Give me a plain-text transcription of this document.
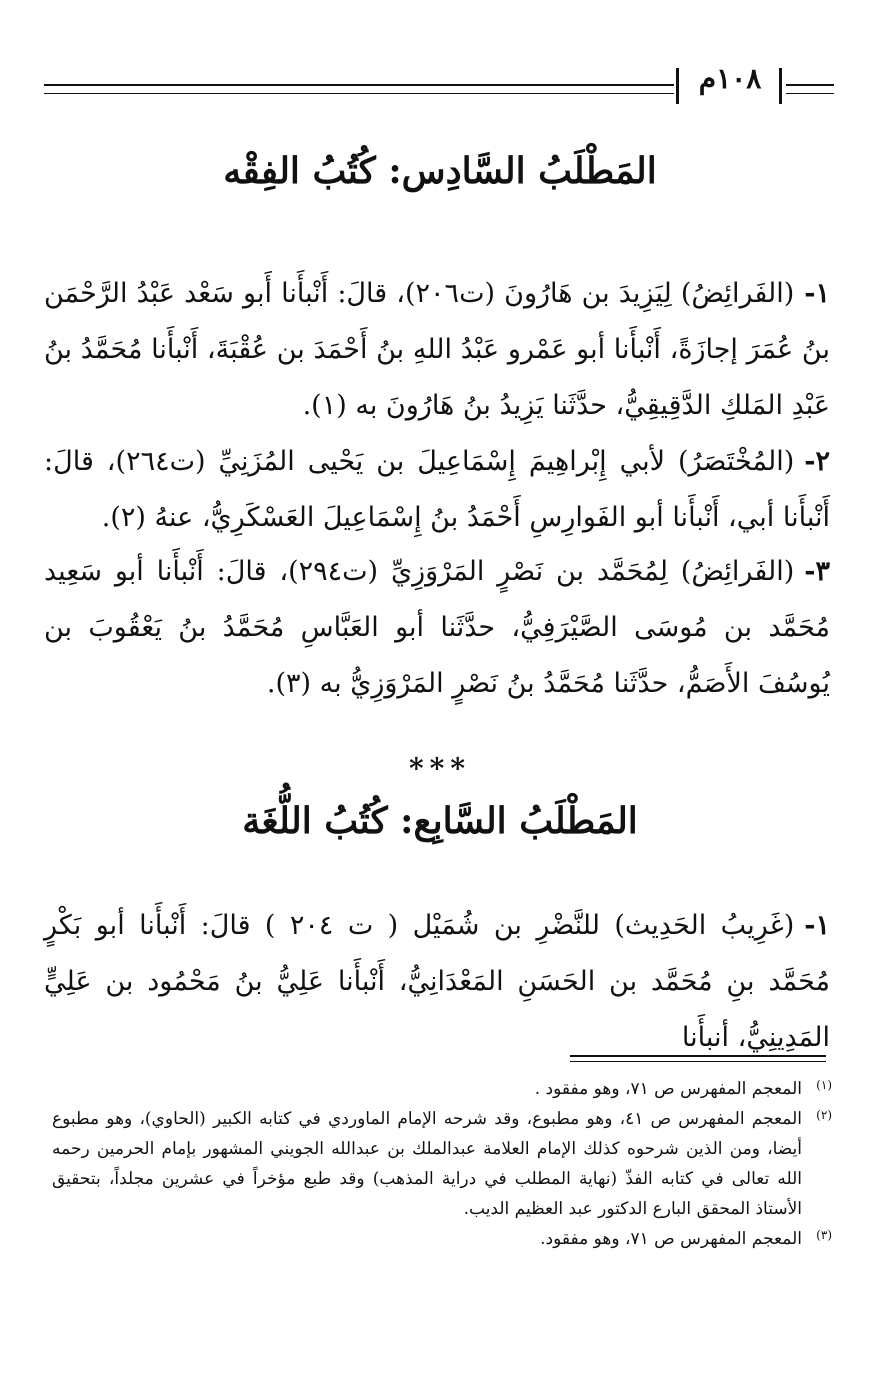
١٠٨م
المَطْلَبُ السَّادِس: كُتُبُ الفِقْه
١-(الفَرائِضُ) لِيَزِيدَ بن هَارُونَ (ت٢٠٦)، قالَ: أَنْبأَنا أَبو سَعْد عَبْدُ الرَّحْمَن بنُ عُمَرَ إجازَةً، أَنْبأَنا أبو عَمْرو عَبْدُ اللهِ بنُ أَحْمَدَ بن عُقْبَةَ، أَنْبأَنا مُحَمَّدُ بنُ عَبْدِ المَلكِ الدَّقِيقِيُّ، حدَّثَنا يَزِيدُ بنُ هَارُونَ به (١).
٢-(المُخْتَصَرُ) لأبي إِبْراهِيمَ إِسْمَاعِيلَ بن يَحْيى المُزَنِيِّ (ت٢٦٤)، قالَ: أَنْبأَنا أبي، أَنْبأَنا أبو الفَوارِسِ أَحْمَدُ بنُ إِسْمَاعِيلَ العَسْكَرِيُّ، عنهُ (٢).
٣-(الفَرائِضُ) لِمُحَمَّد بن نَصْرٍ المَرْوَزِيِّ (ت٢٩٤)، قالَ: أَنْبأَنا أبو سَعِيد مُحَمَّد بن مُوسَى الصَّيْرَفِيُّ، حدَّثَنا أبو العَبَّاسِ مُحَمَّدُ بنُ يَعْقُوبَ بن يُوسُفَ الأَصَمُّ، حدَّثَنا مُحَمَّدُ بنُ نَصْرٍ المَرْوَزِيُّ به (٣).
***
المَطْلَبُ السَّابِع: كُتُبُ اللُّغَة
١-(غَرِيبُ الحَدِيث) للنَّضْرِ بن شُمَيْل ( ت ٢٠٤ ) قالَ: أَنْبأَنا أبو بَكْرٍ مُحَمَّد بنِ مُحَمَّد بن الحَسَنِ المَعْدَانِيُّ، أَنْبأَنا عَلِيُّ بنُ مَحْمُود بن عَلِيٍّ المَدِينِيُّ، أنبأَنا
(١)
المعجم المفهرس ص ٧١، وهو مفقود .
(٢)
المعجم المفهرس ص ٤١، وهو مطبوع، وقد شرحه الإمام الماوردي في كتابه الكبير (الحاوي)، وهو مطبوع أيضا، ومن الذين شرحوه كذلك الإمام العلامة عبدالملك بن عبدالله الجويني المشهور بإمام الحرمين رحمه الله تعالى في كتابه الفذّ (نهاية المطلب في دراية المذهب) وقد طبع مؤخراً في عشرين مجلداً، بتحقيق الأستاذ المحقق البارع الدكتور عبد العظيم الديب.
(٣)
المعجم المفهرس ص ٧١، وهو مفقود.
